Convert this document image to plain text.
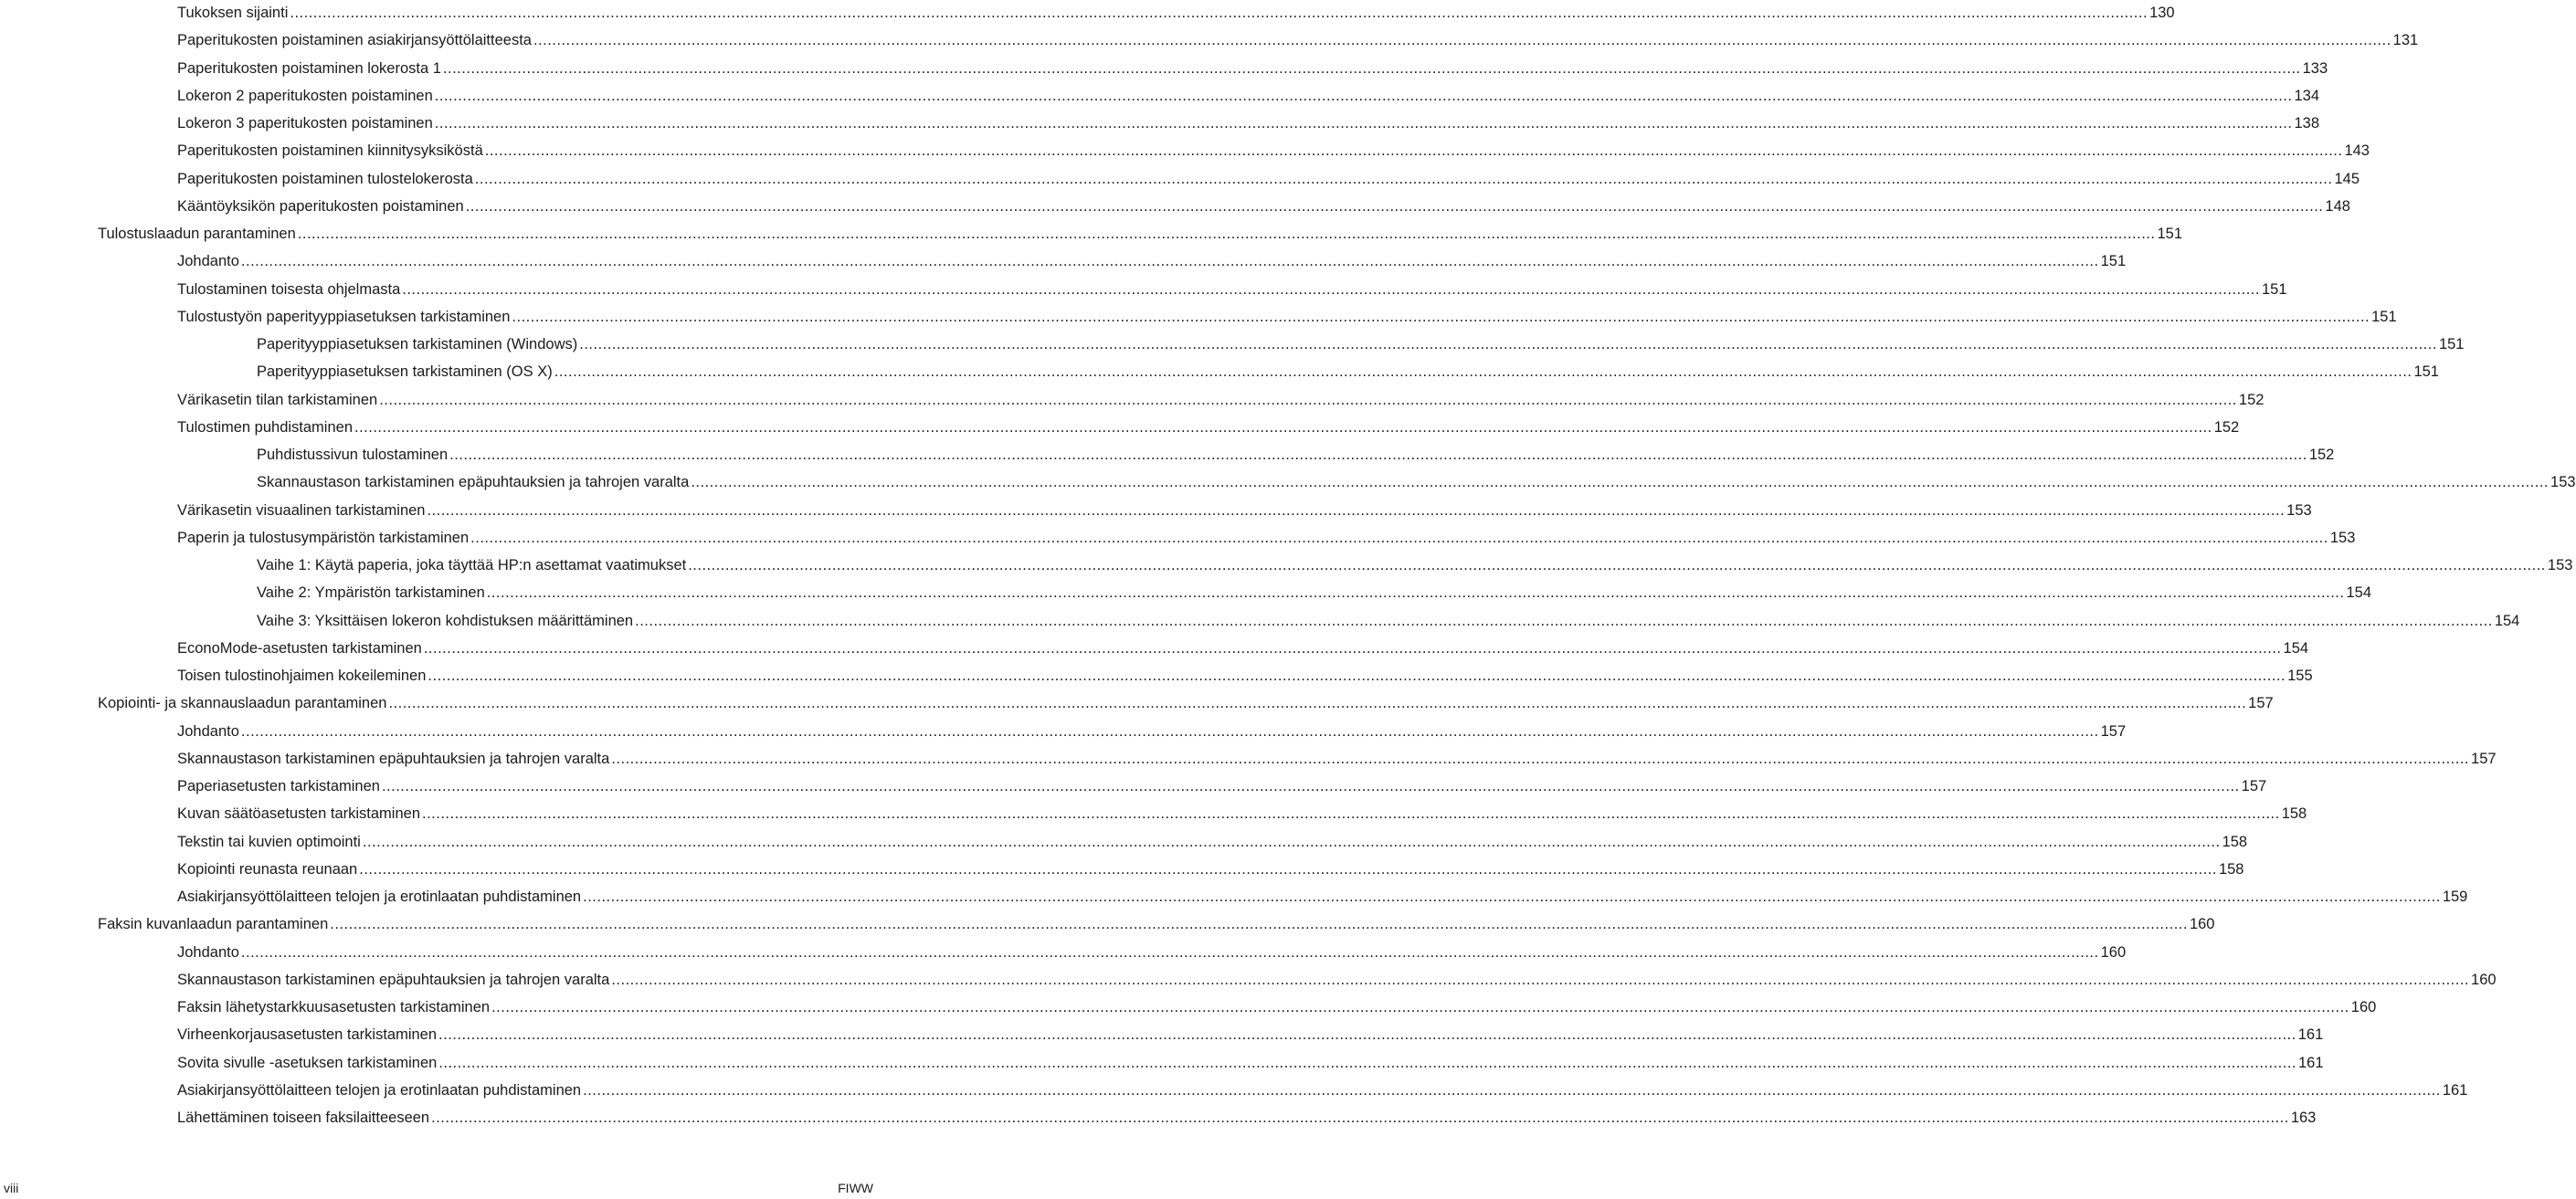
Tukoksen sijainti ................................................................................................................................................................................................................................................................................................................................................................................................................ 130
Paperitukosten poistaminen asiakirjansyöttölaitteesta ................................................................................................................................................................................................................................................................................................................................................................................................................ 131
Paperitukosten poistaminen lokerosta 1 ................................................................................................................................................................................................................................................................................................................................................................................................................ 133
Lokeron 2 paperitukosten poistaminen ................................................................................................................................................................................................................................................................................................................................................................................................................ 134
Lokeron 3 paperitukosten poistaminen ................................................................................................................................................................................................................................................................................................................................................................................................................ 138
Paperitukosten poistaminen kiinnitysyksiköstä ................................................................................................................................................................................................................................................................................................................................................................................................................ 143
Paperitukosten poistaminen tulostelokerosta ................................................................................................................................................................................................................................................................................................................................................................................................................ 145
Kääntöyksikön paperitukosten poistaminen ................................................................................................................................................................................................................................................................................................................................................................................................................ 148
Tulostuslaadun parantaminen ................................................................................................................................................................................................................................................................................................................................................................................................................ 151
Johdanto ................................................................................................................................................................................................................................................................................................................................................................................................................ 151
Tulostaminen toisesta ohjelmasta ................................................................................................................................................................................................................................................................................................................................................................................................................ 151
Tulostustyön paperityyppiasetuksen tarkistaminen ................................................................................................................................................................................................................................................................................................................................................................................................................ 151
Paperityyppiasetuksen tarkistaminen (Windows) ................................................................................................................................................................................................................................................................................................................................................................................................................ 151
Paperityyppiasetuksen tarkistaminen (OS X) ................................................................................................................................................................................................................................................................................................................................................................................................................ 151
Värikasetin tilan tarkistaminen ................................................................................................................................................................................................................................................................................................................................................................................................................ 152
Tulostimen puhdistaminen ................................................................................................................................................................................................................................................................................................................................................................................................................ 152
Puhdistussivun tulostaminen ................................................................................................................................................................................................................................................................................................................................................................................................................ 152
Skannaustason tarkistaminen epäpuhtauksien ja tahrojen varalta ................................................................................................................................................................................................................................................................................................................................................................................................................ 153
Värikasetin visuaalinen tarkistaminen ................................................................................................................................................................................................................................................................................................................................................................................................................ 153
Paperin ja tulostusympäristön tarkistaminen ................................................................................................................................................................................................................................................................................................................................................................................................................ 153
Vaihe 1: Käytä paperia, joka täyttää HP:n asettamat vaatimukset ................................................................................................................................................................................................................................................................................................................................................................................................................ 153
Vaihe 2: Ympäristön tarkistaminen ................................................................................................................................................................................................................................................................................................................................................................................................................ 154
Vaihe 3: Yksittäisen lokeron kohdistuksen määrittäminen ................................................................................................................................................................................................................................................................................................................................................................................................................ 154
EconoMode-asetusten tarkistaminen ................................................................................................................................................................................................................................................................................................................................................................................................................ 154
Toisen tulostinohjaimen kokeileminen ................................................................................................................................................................................................................................................................................................................................................................................................................ 155
Kopiointi- ja skannauslaadun parantaminen ................................................................................................................................................................................................................................................................................................................................................................................................................ 157
Johdanto ................................................................................................................................................................................................................................................................................................................................................................................................................ 157
Skannaustason tarkistaminen epäpuhtauksien ja tahrojen varalta ................................................................................................................................................................................................................................................................................................................................................................................................................ 157
Paperiasetusten tarkistaminen ................................................................................................................................................................................................................................................................................................................................................................................................................ 157
Kuvan säätöasetusten tarkistaminen ................................................................................................................................................................................................................................................................................................................................................................................................................ 158
Tekstin tai kuvien optimointi ................................................................................................................................................................................................................................................................................................................................................................................................................ 158
Kopiointi reunasta reunaan ................................................................................................................................................................................................................................................................................................................................................................................................................ 158
Asiakirjansyöttölaitteen telojen ja erotinlaatan puhdistaminen ................................................................................................................................................................................................................................................................................................................................................................................................................ 159
Faksin kuvanlaadun parantaminen ................................................................................................................................................................................................................................................................................................................................................................................................................ 160
Johdanto ................................................................................................................................................................................................................................................................................................................................................................................................................ 160
Skannaustason tarkistaminen epäpuhtauksien ja tahrojen varalta ................................................................................................................................................................................................................................................................................................................................................................................................................ 160
Faksin lähetystarkkuusasetusten tarkistaminen ................................................................................................................................................................................................................................................................................................................................................................................................................ 160
Virheenkorjausasetusten tarkistaminen ................................................................................................................................................................................................................................................................................................................................................................................................................ 161
Sovita sivulle -asetuksen tarkistaminen ................................................................................................................................................................................................................................................................................................................................................................................................................ 161
Asiakirjansyöttölaitteen telojen ja erotinlaatan puhdistaminen ................................................................................................................................................................................................................................................................................................................................................................................................................ 161
Lähettäminen toiseen faksilaitteeseen ................................................................................................................................................................................................................................................................................................................................................................................................................ 163
viii	FIWW
